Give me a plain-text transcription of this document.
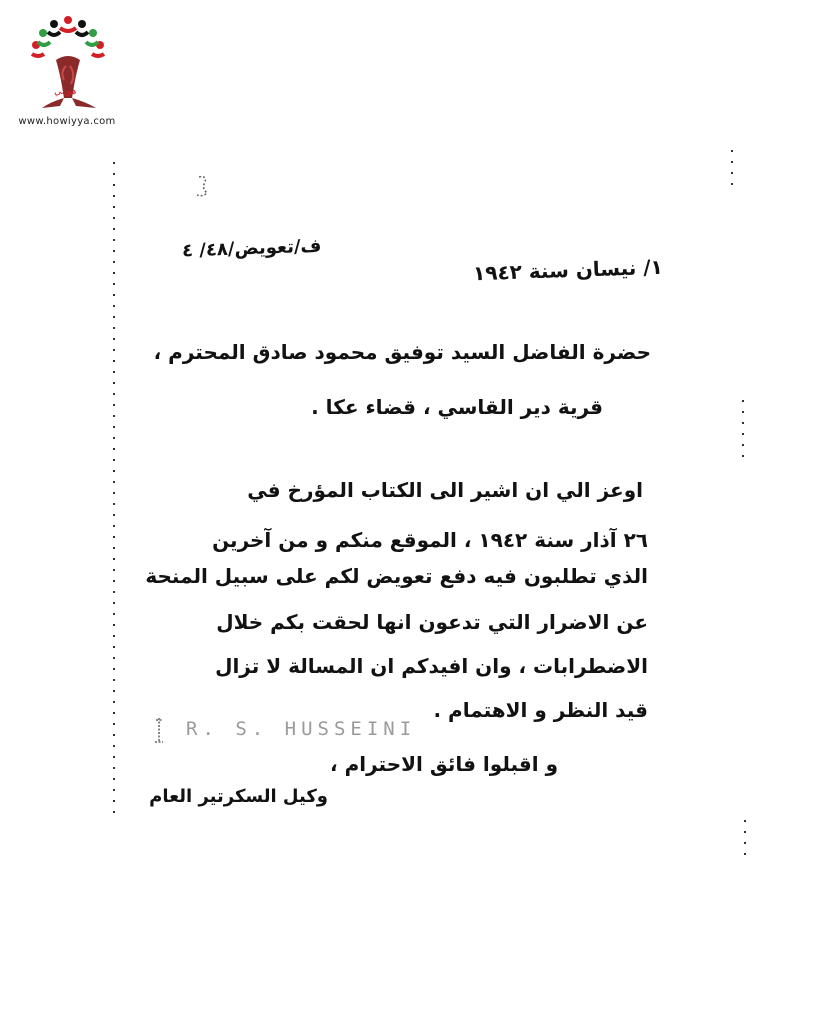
هويتي
www.howiyya.com
ف/تعويض/٤٨/ ٤
١/ نيسان سنة ١٩٤٢
حضرة الفاضل السيد توفيق محمود صادق المحترم ،
قرية دير القاسي ، قضاء عكا .
اوعز الي ان اشير الى الكتاب المؤرخ في
٢٦ آذار سنة ١٩٤٢ ، الموقع منكم و من آخرين
الذي تطلبون فيه دفع تعويض لكم على سبيل المنحة
عن الاضرار التي تدعون انها لحقت بكم خلال
الاضطرابات ، وان افيدكم ان المسالة لا تزال
قيد النظر و الاهتمام .
و اقبلوا فائق الاحترام ،
وكيل السكرتير العام
R. S. HUSSEINI
